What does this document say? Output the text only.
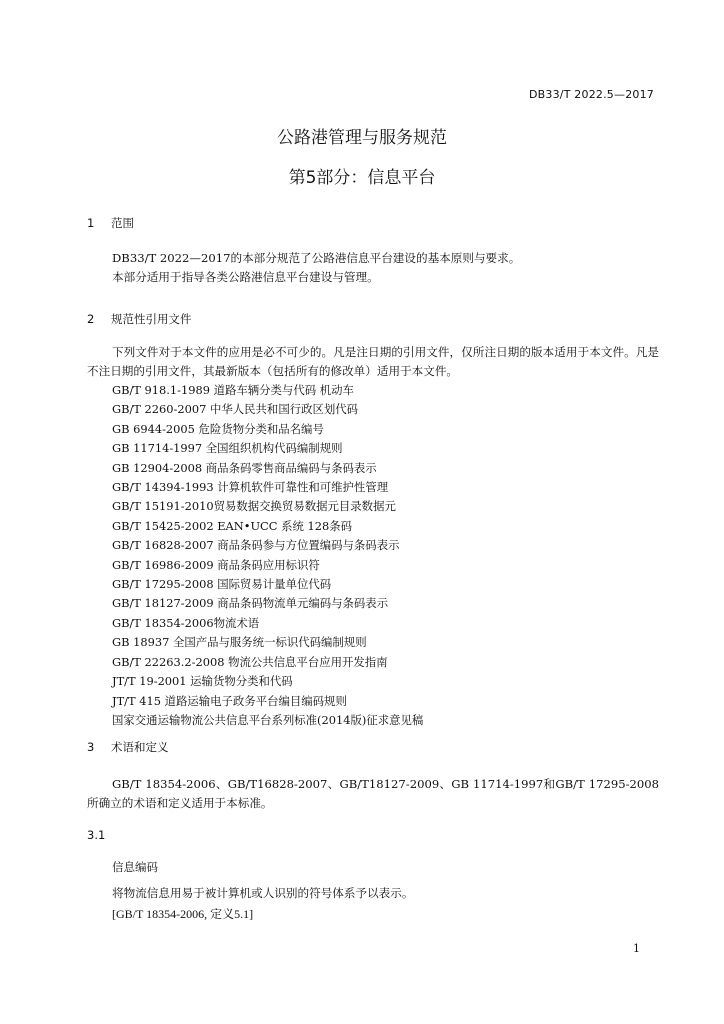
DB33/T 2022.5—2017
公路港管理与服务规范
第5部分：信息平台
1 范围
DB33/T 2022—2017的本部分规范了公路港信息平台建设的基本原则与要求。
本部分适用于指导各类公路港信息平台建设与管理。
2 规范性引用文件
下列文件对于本文件的应用是必不可少的。凡是注日期的引用文件，仅所注日期的版本适用于本文件。凡是不注日期的引用文件，其最新版本（包括所有的修改单）适用于本文件。
GB/T 918.1-1989 道路车辆分类与代码 机动车
GB/T 2260-2007 中华人民共和国行政区划代码
GB 6944-2005 危险货物分类和品名编号
GB 11714-1997 全国组织机构代码编制规则
GB 12904-2008 商品条码零售商品编码与条码表示
GB/T 14394-1993 计算机软件可靠性和可维护性管理
GB/T 15191-2010贸易数据交换贸易数据元目录数据元
GB/T 15425-2002 EAN•UCC 系统 128条码
GB/T 16828-2007 商品条码参与方位置编码与条码表示
GB/T 16986-2009 商品条码应用标识符
GB/T 17295-2008 国际贸易计量单位代码
GB/T 18127-2009 商品条码物流单元编码与条码表示
GB/T 18354-2006物流术语
GB 18937 全国产品与服务统一标识代码编制规则
GB/T 22263.2-2008 物流公共信息平台应用开发指南
JT/T 19-2001 运输货物分类和代码
JT/T 415 道路运输电子政务平台编目编码规则
国家交通运输物流公共信息平台系列标准(2014版)征求意见稿
3 术语和定义
GB/T 18354-2006、GB/T16828-2007、GB/T18127-2009、GB 11714-1997和GB/T 17295-2008所确立的术语和定义适用于本标准。
3.1
信息编码
将物流信息用易于被计算机或人识别的符号体系予以表示。
[GB/T 18354-2006, 定义5.1]
1
